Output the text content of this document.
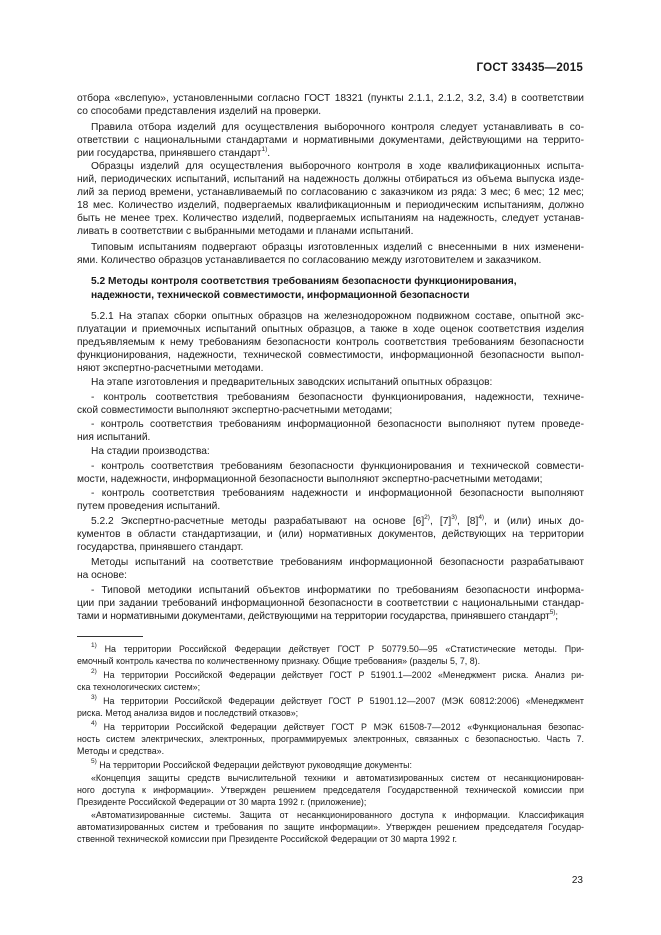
ГОСТ 33435—2015
отбора «вслепую», установленными согласно ГОСТ 18321 (пункты 2.1.1, 2.1.2, 3.2, 3.4) в соответствии
со способами представления изделий на проверки.
Правила отбора изделий для осуществления выборочного контроля следует устанавливать в со-
ответствии с национальными стандартами и нормативными документами, действующими на террито-
рии государства, принявшего стандарт$^{1)}$.
Образцы изделий для осуществления выборочного контроля в ходе квалификационных испыта-
ний, периодических испытаний, испытаний на надежность должны отбираться из объема выпуска изде-
лий за период времени, устанавливаемый по согласованию с заказчиком из ряда: 3 мес; 6 мес; 12 мес;
18 мес. Количество изделий, подвергаемых квалификационным и периодическим испытаниям, должно
быть не менее трех. Количество изделий, подвергаемых испытаниям на надежность, следует устанав-
ливать в соответствии с выбранными методами и планами испытаний.
Типовым испытаниям подвергают образцы изготовленных изделий с внесенными в них изменени-
ями. Количество образцов устанавливается по согласованию между изготовителем и заказчиком.
5.2 Методы контроля соответствия требованиям безопасности функционирования,
надежности, технической совместимости, информационной безопасности
5.2.1 На этапах сборки опытных образцов на железнодорожном подвижном составе, опытной экс-
плуатации и приемочных испытаний опытных образцов, а также в ходе оценок соответствия изделия
предъявляемым к нему требованиям безопасности контроль соответствия требованиям безопасности
функционирования, надежности, технической совместимости, информационной безопасности выпол-
няют экспертно-расчетными методами.
На этапе изготовления и предварительных заводских испытаний опытных образцов:
- контроль соответствия требованиям безопасности функционирования, надежности, техниче-
ской совместимости выполняют экспертно-расчетными методами;
- контроль соответствия требованиям информационной безопасности выполняют путем проведе-
ния испытаний.
На стадии производства:
- контроль соответствия требованиям безопасности функционирования и технической совмести-
мости, надежности, информационной безопасности выполняют экспертно-расчетными методами;
- контроль соответствия требованиям надежности и информационной безопасности выполняют
путем проведения испытаний.
5.2.2 Экспертно-расчетные методы разрабатывают на основе $[6]^{2)}$, $[7]^{3)}$, $[8]^{4)}$, и (или) иных до-
кументов в области стандартизации, и (или) нормативных документов, действующих на территории
государства, принявшего стандарт.
Методы испытаний на соответствие требованиям информационной безопасности разрабатывают
на основе:
- Типовой методики испытаний объектов информатики по требованиям безопасности информа-
ции при задании требований информационной безопасности в соответствии с национальными стандар-
тами и нормативными документами, действующими на территории государства, принявшего стандарт$^{5)}$;
$^{1)}$ На территории Российской Федерации действует ГОСТ Р 50779.50—95 «Статистические методы. При-
емочный контроль качества по количественному признаку. Общие требования» (разделы 5, 7, 8).
$^{2)}$ На территории Российской Федерации действует ГОСТ Р 51901.1—2002 «Менеджмент риска. Анализ ри-
ска технологических систем»;
$^{3)}$ На территории Российской Федерации действует ГОСТ Р 51901.12—2007 (МЭК 60812:2006) «Менеджмент
риска. Метод анализа видов и последствий отказов»;
$^{4)}$ На территории Российской Федерации действует ГОСТ Р МЭК 61508-7—2012 «Функциональная безопас-
ность систем электрических, электронных, программируемых электронных, связанных с безопасностью. Часть 7.
Методы и средства».
$^{5)}$ На территории Российской Федерации действуют руководящие документы:
«Концепция защиты средств вычислительной техники и автоматизированных систем от несанкционирован-
ного доступа к информации». Утвержден решением председателя Государственной технической комиссии при
Президенте Российской Федерации от 30 марта 1992 г. (приложение);
«Автоматизированные системы. Защита от несанкционированного доступа к информации. Классификация
автоматизированных систем и требования по защите информации». Утвержден решением председателя Государ-
ственной технической комиссии при Президенте Российской Федерации от 30 марта 1992 г.
23
